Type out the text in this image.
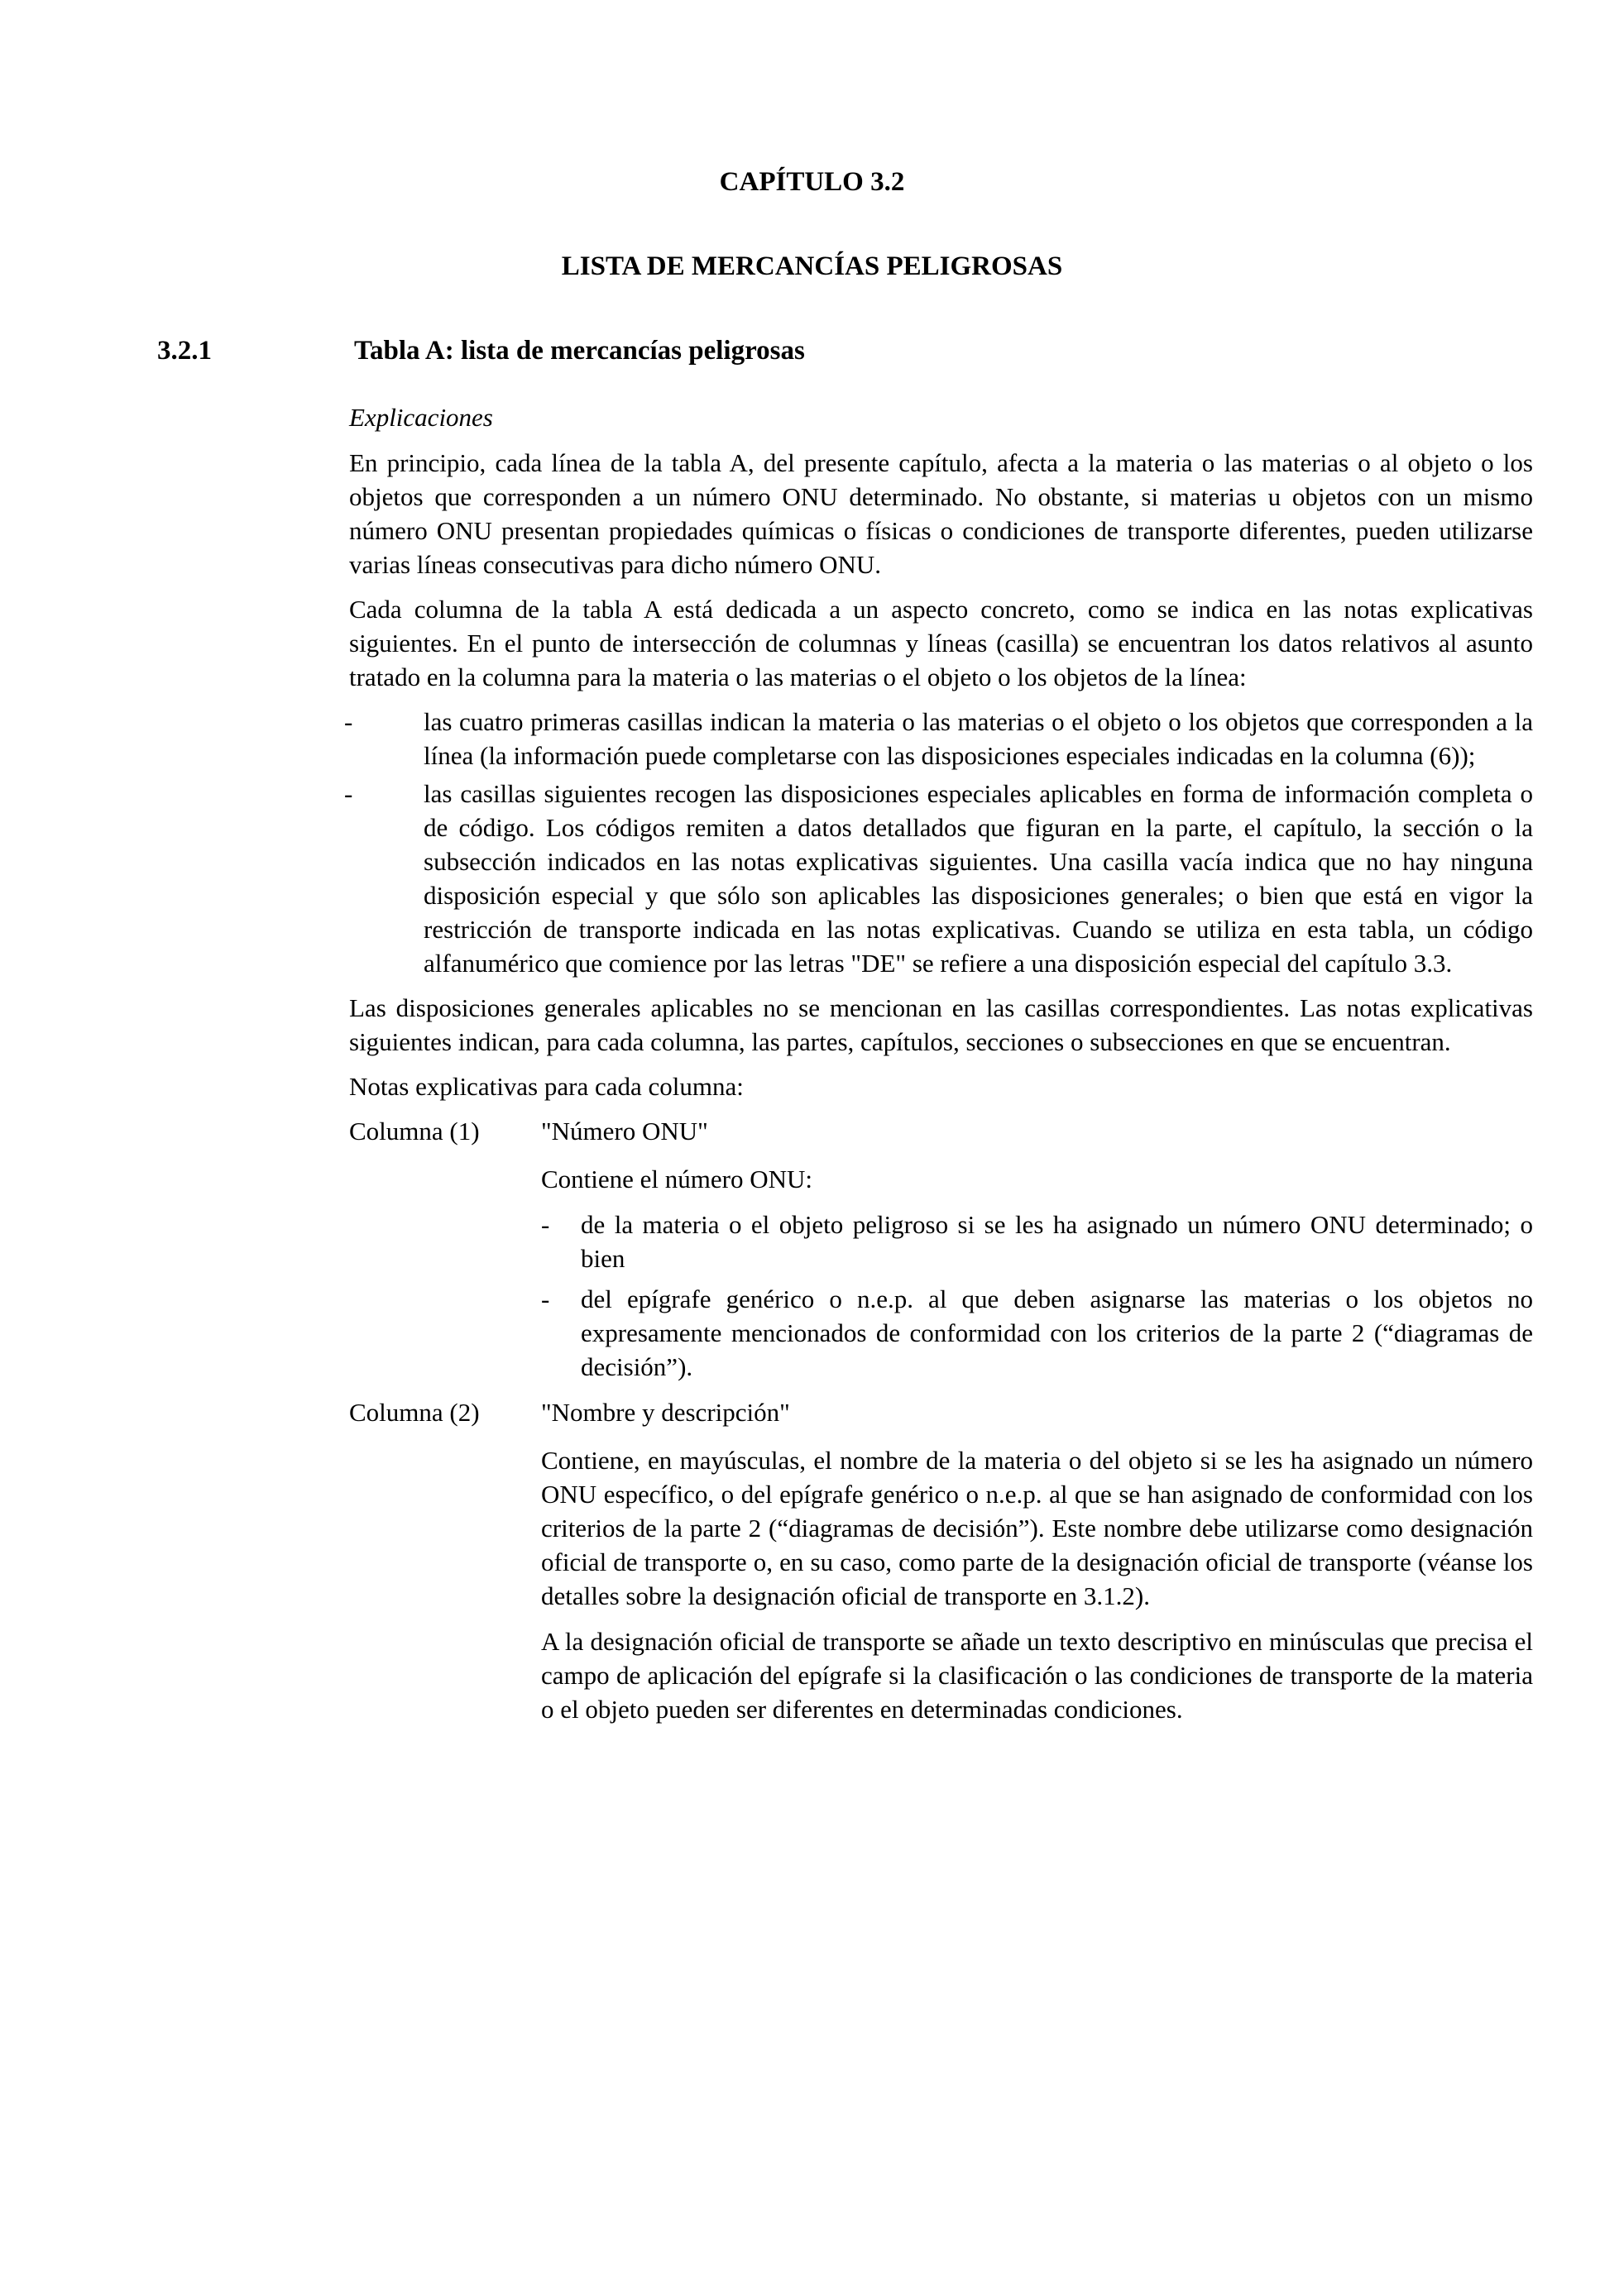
CAPÍTULO 3.2
LISTA DE MERCANCÍAS PELIGROSAS
3.2.1	Tabla A: lista de mercancías peligrosas

Explicaciones

En principio, cada línea de la tabla A, del presente capítulo, afecta a la materia o las materias o al objeto o los objetos que corresponden a un número ONU determinado. No obstante, si materias u objetos con un mismo número ONU presentan propiedades químicas o físicas o condiciones de transporte diferentes, pueden utilizarse varias líneas consecutivas para dicho número ONU.

Cada columna de la tabla A está dedicada a un aspecto concreto, como se indica en las notas explicativas siguientes. En el punto de intersección de columnas y líneas (casilla) se encuentran los datos relativos al asunto tratado en la columna para la materia o las materias o el objeto o los objetos de la línea:

-	las cuatro primeras casillas indican la materia o las materias o el objeto o los objetos que corresponden a la línea (la información puede completarse con las disposiciones especiales indicadas en la columna (6));
-	las casillas siguientes recogen las disposiciones especiales aplicables en forma de información completa o de código. Los códigos remiten a datos detallados que figuran en la parte, el capítulo, la sección o la subsección indicados en las notas explicativas siguientes. Una casilla vacía indica que no hay ninguna disposición especial y que sólo son aplicables las disposiciones generales; o bien que está en vigor la restricción de transporte indicada en las notas explicativas. Cuando se utiliza en esta tabla, un código alfanumérico que comience por las letras "DE" se refiere a una disposición especial del capítulo 3.3.

Las disposiciones generales aplicables no se mencionan en las casillas correspondientes. Las notas explicativas siguientes indican, para cada columna, las partes, capítulos, secciones o subsecciones en que se encuentran.

Notas explicativas para cada columna:

Columna (1) "Número ONU"

Contiene el número ONU:

- de la materia o el objeto peligroso si se les ha asignado un número ONU determinado; o bien
- del epígrafe genérico o n.e.p. al que deben asignarse las materias o los objetos no expresamente mencionados de conformidad con los criterios de la parte 2 (“diagramas de decisión”).
Columna (2) "Nombre y descripción"

Contiene, en mayúsculas, el nombre de la materia o del objeto si se les ha asignado un número ONU específico, o del epígrafe genérico o n.e.p. al que se han asignado de conformidad con los criterios de la parte 2 (“diagramas de decisión”). Este nombre debe utilizarse como designación oficial de transporte o, en su caso, como parte de la designación oficial de transporte (véanse los detalles sobre la designación oficial de transporte en 3.1.2).

A la designación oficial de transporte se añade un texto descriptivo en minúsculas que precisa el campo de aplicación del epígrafe si la clasificación o las condiciones de transporte de la materia o el objeto pueden ser diferentes en determinadas condiciones.
